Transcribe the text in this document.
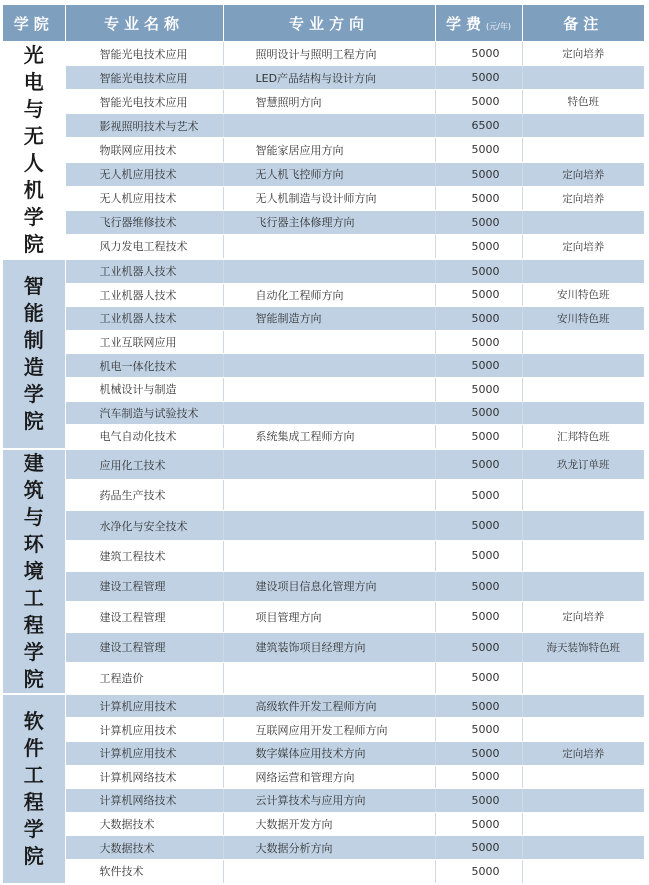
学院	专业名称	专业方向	学费(元/年)	备注
光电与无人机学院	智能光电技术应用	照明设计与照明工程方向	5000	定向培养
	智能光电技术应用	LED产品结构与设计方向	5000	
	智能光电技术应用	智慧照明方向	5000	特色班
	影视照明技术与艺术		6500	
	物联网应用技术	智能家居应用方向	5000	
	无人机应用技术	无人机飞控师方向	5000	定向培养
	无人机应用技术	无人机制造与设计师方向	5000	定向培养
	飞行器维修技术	飞行器主体修理方向	5000	
	风力发电工程技术		5000	定向培养
智能制造学院	工业机器人技术		5000	
	工业机器人技术	自动化工程师方向	5000	安川特色班
	工业机器人技术	智能制造方向	5000	安川特色班
	工业互联网应用		5000	
	机电一体化技术		5000	
	机械设计与制造		5000	
	汽车制造与试验技术		5000	
	电气自动化技术	系统集成工程师方向	5000	汇邦特色班
建筑与环境工程学院	应用化工技术		5000	玖龙订单班
	药品生产技术		5000	
	水净化与安全技术		5000	
	建筑工程技术		5000	
	建设工程管理	建设项目信息化管理方向	5000	
	建设工程管理	项目管理方向	5000	定向培养
	建设工程管理	建筑装饰项目经理方向	5000	海天装饰特色班
	工程造价		5000	
软件工程学院	计算机应用技术	高级软件开发工程师方向	5000	
	计算机应用技术	互联网应用开发工程师方向	5000	
	计算机应用技术	数字媒体应用技术方向	5000	定向培养
	计算机网络技术	网络运营和管理方向	5000	
	计算机网络技术	云计算技术与应用方向	5000	
	大数据技术	大数据开发方向	5000	
	大数据技术	大数据分析方向	5000	
	软件技术		5000	
